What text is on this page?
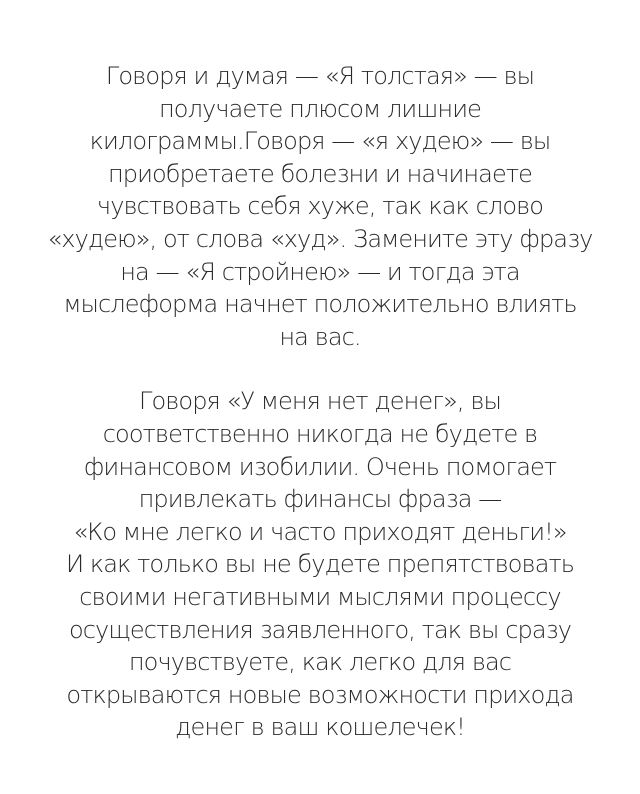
Говоря и думая — «Я толстая» — вы
получаете плюсом лишние
килограммы.Говоря — «я худею» — вы
приобретаете болезни и начинаете
чувствовать себя хуже, так как слово
«худею», от слова «худ». Замените эту фразу
на — «Я стройнею» — и тогда эта
мыслеформа начнет положительно влиять
на вас.

Говоря «У меня нет денег», вы
соответственно никогда не будете в
финансовом изобилии. Очень помогает
привлекать финансы фраза —
«Ко мне легко и часто приходят деньги!»
И как только вы не будете препятствовать
своими негативными мыслями процессу
осуществления заявленного, так вы сразу
почувствуете, как легко для вас
открываются новые возможности прихода
денег в ваш кошелечек!
